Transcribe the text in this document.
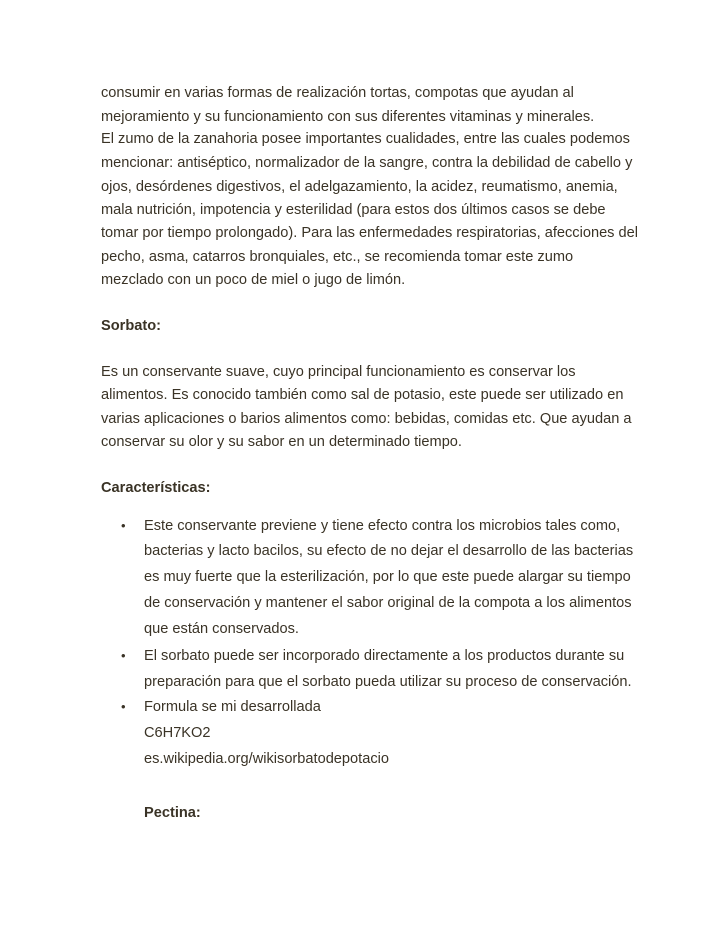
consumir en varias formas de realización tortas, compotas que ayudan al
mejoramiento y su funcionamiento con sus diferentes vitaminas y minerales.
El zumo de la zanahoria posee importantes cualidades, entre las cuales podemos
mencionar: antiséptico, normalizador de la sangre, contra la debilidad de cabello y
ojos, desórdenes digestivos, el adelgazamiento, la acidez, reumatismo, anemia,
mala nutrición, impotencia y esterilidad (para estos dos últimos casos se debe
tomar por tiempo prolongado). Para las enfermedades respiratorias, afecciones del
pecho, asma, catarros bronquiales, etc., se recomienda tomar este zumo
mezclado con un poco de miel o jugo de limón.
Sorbato:
Es un conservante suave, cuyo principal funcionamiento es conservar los
alimentos. Es conocido también como sal de potasio, este puede ser utilizado en
varias aplicaciones o barios alimentos como: bebidas, comidas etc. Que ayudan a
conservar su olor y su sabor en un determinado tiempo.
Características:
•	Este conservante previene y tiene efecto contra los microbios tales como,
bacterias y lacto bacilos, su efecto de no dejar el desarrollo de las bacterias
es muy fuerte que la esterilización, por lo que este puede alargar su tiempo
de conservación y mantener el sabor original de la compota a los alimentos
que están conservados.
•	El sorbato puede ser incorporado directamente a los productos durante su
preparación para que el sorbato pueda utilizar su proceso de conservación.
•	Formula se mi desarrollada
C6H7KO2
es.wikipedia.org/wikisorbatodepotacio
Pectina:
